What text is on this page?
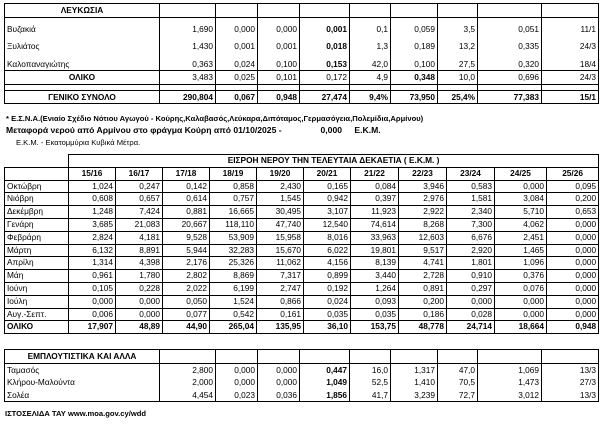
ΛΕΥΚΩΣΙΑ									

Βυζακιά	1,690	0,000	0,000	0,001	0,1	0,059	3,5	0,051	11/1

Ξυλιάτος	1,430	0,001	0,001	0,018	1,3	0,189	13,2	0,335	24/3

Καλοπαναγιώτης	0,363	0,024	0,100	0,153	42,0	0,100	27,5	0,320	18/4
ΟΛΙΚΟ	3,483	0,025	0,101	0,172	4,9	0,348	10,0	0,696	24/3

ΓΕΝΙΚΟ ΣΥΝΟΛΟ	290,804	0,067	0,948	27,474	9,4%	73,950	25,4%	77,383	15/1
* Ε.Σ.Ν.Α.(Ενιαίο Σχέδιο Νότιου Αγωγού - Κούρης,Καλαβασός,Λεύκαρα,Διπόταμος,Γερμασόγεια,Πολεμίδια,Αρμίνου)
Μεταφορά νερού από Αρμίνου στο φράγμα Κούρη από 01/10/2025 -	0,000 Ε.Κ.Μ.
Ε.Κ.Μ. - Εκατομμύρια Κυβικά Μέτρα.
	ΕΙΣΡΟΗ ΝΕΡΟΥ ΤΗΝ ΤΕΛΕΥΤΑΙΑ ΔΕΚΑΕΤΙΑ ( Ε.Κ.Μ. )										
	15/16	16/17	17/18	18/19	19/20	20/21	21/22	22/23	23/24	24/25	25/26
Οκτώβρη	1,024	0,247	0,142	0,858	2,430	0,165	0,084	3,946	0,583	0,000	0,095
Νιόβρη	0,608	0,657	0,614	0,757	1,545	0,942	0,397	2,976	1,581	3,084	0,200
Δεκέμβρη	1,248	7,424	0,881	16,665	30,495	3,107	11,923	2,922	2,340	5,710	0,653
Γενάρη	3,685	21,083	20,667	118,110	47,740	12,540	74,614	8,268	7,300	4,062	0,000
Φεβράρη	2,824	4,181	9,528	53,909	15,958	8,016	33,963	12,603	6,676	2,451	0,000
Μάρτη	6,132	8,891	5,944	32,283	15,670	6,022	19,801	9,517	2,920	1,465	0,000
Απρίλη	1,314	4,398	2,176	25,326	11,062	4,156	8,139	4,741	1,801	1,096	0,000
Μάη	0,961	1,780	2,802	8,869	7,317	0,899	3,440	2,728	0,910	0,376	0,000
Ιούνη	0,105	0,228	2,022	6,199	2,747	0,192	1,264	0,891	0,297	0,076	0,000
Ιούλη	0,000	0,000	0,050	1,524	0,866	0,024	0,093	0,200	0,000	0,000	0,000
Αυγ.-Σεπτ.	0,006	0,000	0,077	0,542	0,161	0,035	0,035	0,186	0,028	0,000	0,000
ΟΛΙΚΟ	17,907	48,89	44,90	265,04	135,95	36,10	153,75	48,778	24,714	18,664	0,948
ΕΜΠΛΟΥΤΙΣΤΙΚΑ ΚΑΙ ΑΛΛΑ									
Ταμασός	2,800	0,000	0,000	0,447	16,0	1,317	47,0	1,069	13/3
Κλήρου-Μαλούντα	2,000	0,000	0,000	1,049	52,5	1,410	70,5	1,473	27/3
Σολέα	4,454	0,023	0,036	1,856	41,7	3,239	72,7	3,012	13/3
ΙΣΤΟΣΕΛΙΔΑ ΤΑΥ www.moa.gov.cy/wdd
